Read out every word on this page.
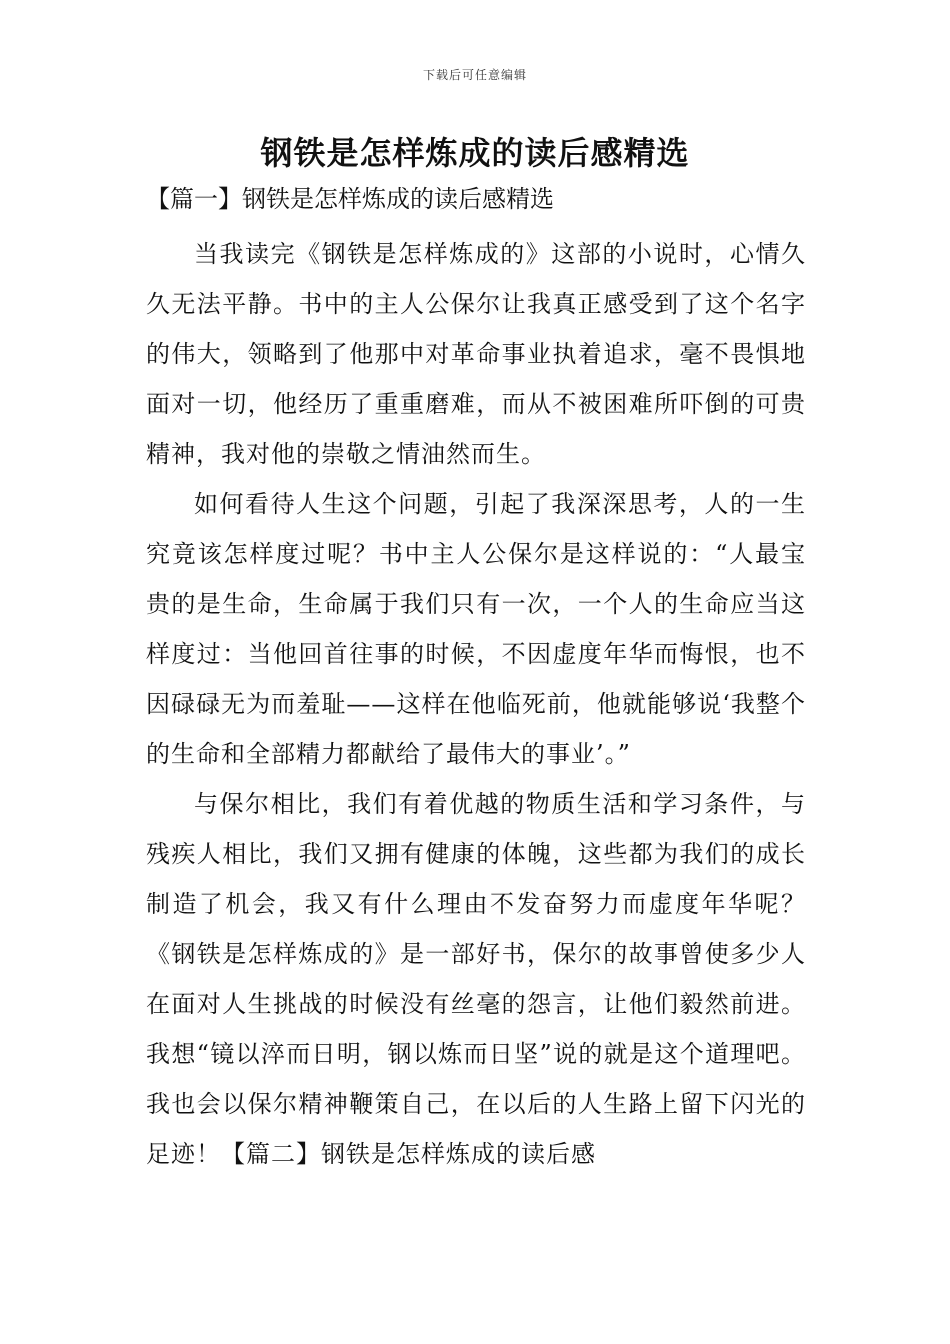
下载后可任意编辑
钢铁是怎样炼成的读后感精选
【篇一】钢铁是怎样炼成的读后感精选

当我读完《钢铁是怎样炼成的》这部的小说时，心情久久无法平静。书中的主人公保尔让我真正感受到了这个名字的伟大，领略到了他那中对革命事业执着追求，毫不畏惧地面对一切，他经历了重重磨难，而从不被困难所吓倒的可贵精神，我对他的崇敬之情油然而生。

如何看待人生这个问题，引起了我深深思考，人的一生究竟该怎样度过呢？书中主人公保尔是这样说的：“人最宝贵的是生命，生命属于我们只有一次，一个人的生命应当这样度过：当他回首往事的时候，不因虚度年华而悔恨，也不因碌碌无为而羞耻——这样在他临死前，他就能够说‘我整个的生命和全部精力都献给了最伟大的事业’。”

与保尔相比，我们有着优越的物质生活和学习条件，与残疾人相比，我们又拥有健康的体魄，这些都为我们的成长制造了机会，我又有什么理由不发奋努力而虚度年华呢？《钢铁是怎样炼成的》是一部好书，保尔的故事曾使多少人在面对人生挑战的时候没有丝毫的怨言，让他们毅然前进。我想“镜以淬而日明，钢以炼而日坚”说的就是这个道理吧。我也会以保尔精神鞭策自己，在以后的人生路上留下闪光的足迹！【篇二】钢铁是怎样炼成的读后感
